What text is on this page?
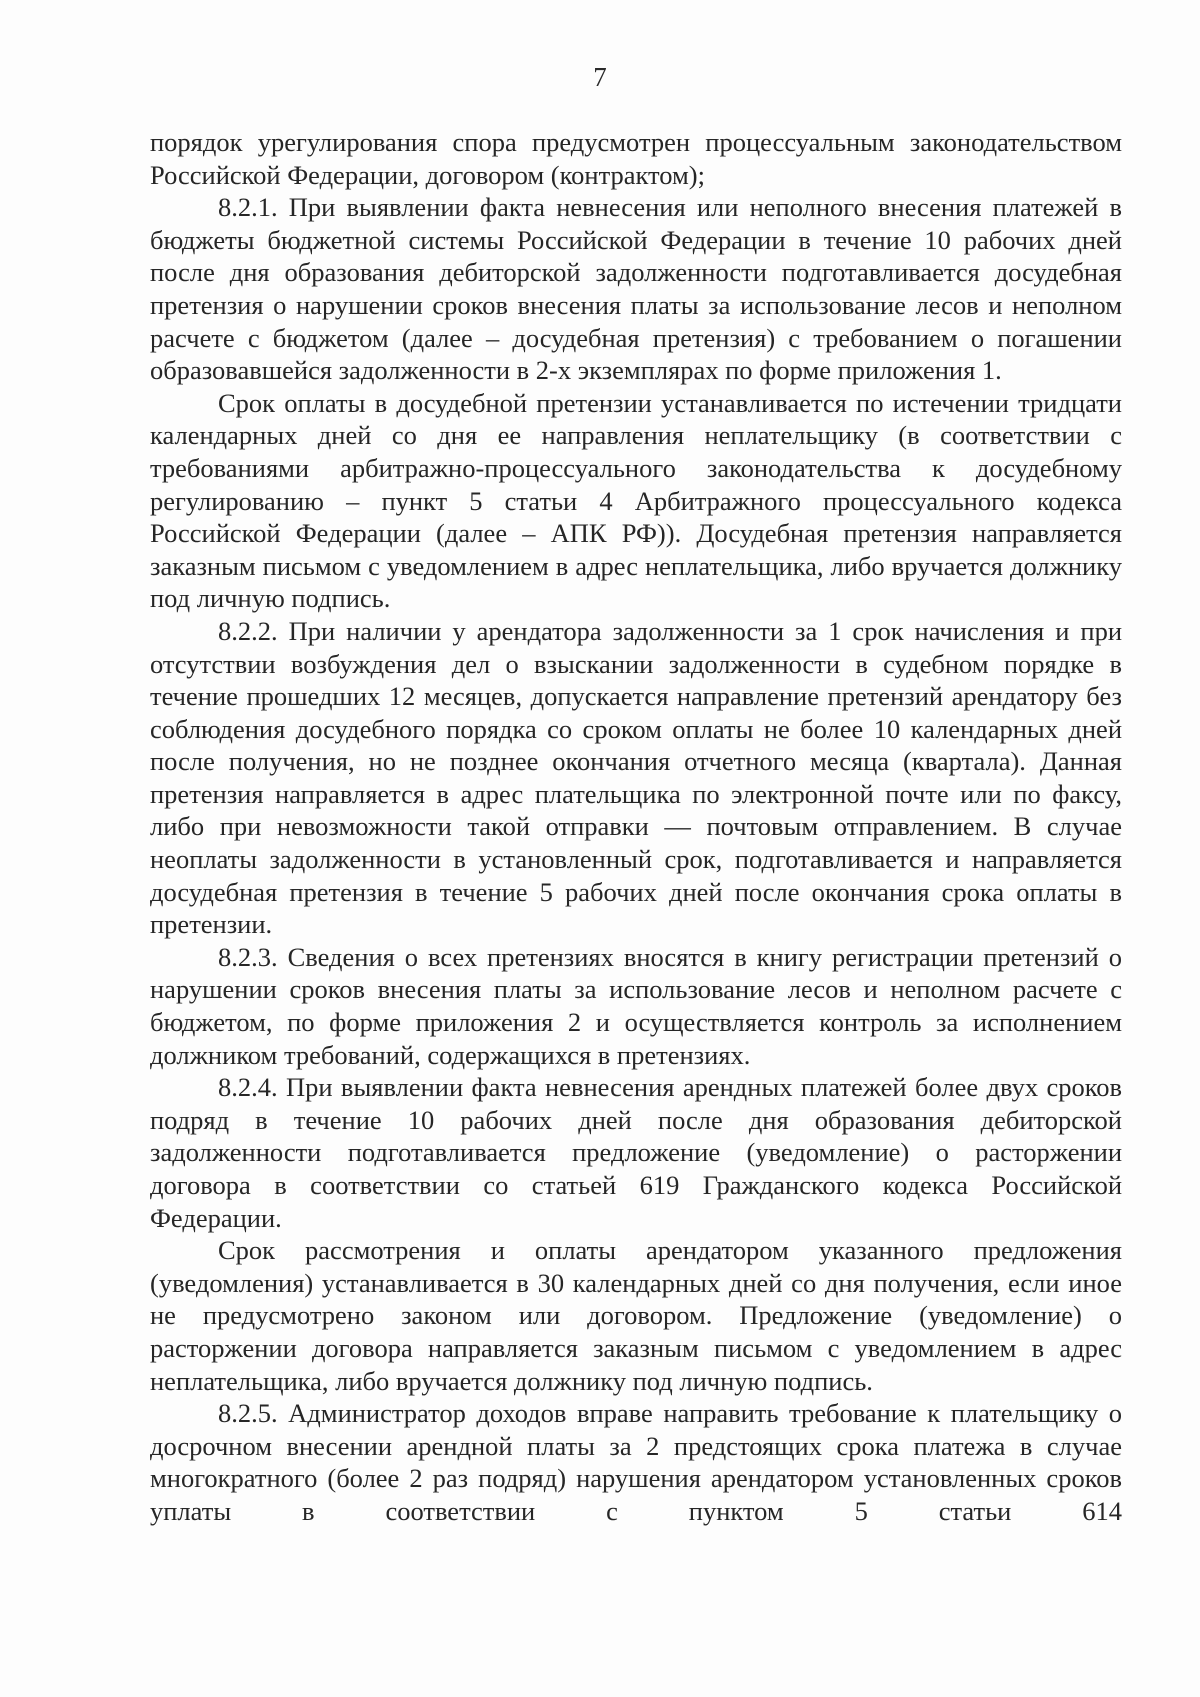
7

порядок урегулирования спора предусмотрен процессуальным законодательством Российской Федерации, договором (контрактом);

8.2.1. При выявлении факта невнесения или неполного внесения платежей в бюджеты бюджетной системы Российской Федерации в течение 10 рабочих дней после дня образования дебиторской задолженности подготавливается досудебная претензия о нарушении сроков внесения платы за использование лесов и неполном расчете с бюджетом (далее – досудебная претензия) с требованием о погашении образовавшейся задолженности в 2-х экземплярах по форме приложения 1.

Срок оплаты в досудебной претензии устанавливается по истечении тридцати календарных дней со дня ее направления неплательщику (в соответствии с требованиями арбитражно-процессуального законодательства к досудебному регулированию – пункт 5 статьи 4 Арбитражного процессуального кодекса Российской Федерации (далее – АПК РФ)). Досудебная претензия направляется заказным письмом с уведомлением в адрес неплательщика, либо вручается должнику под личную подпись.

8.2.2. При наличии у арендатора задолженности за 1 срок начисления и при отсутствии возбуждения дел о взыскании задолженности в судебном порядке в течение прошедших 12 месяцев, допускается направление претензий арендатору без соблюдения досудебного порядка со сроком оплаты не более 10 календарных дней после получения, но не позднее окончания отчетного месяца (квартала). Данная претензия направляется в адрес плательщика по электронной почте или по факсу, либо при невозможности такой отправки — почтовым отправлением. В случае неоплаты задолженности в установленный срок, подготавливается и направляется досудебная претензия в течение 5 рабочих дней после окончания срока оплаты в претензии.

8.2.3. Сведения о всех претензиях вносятся в книгу регистрации претензий о нарушении сроков внесения платы за использование лесов и неполном расчете с бюджетом, по форме приложения 2 и осуществляется контроль за исполнением должником требований, содержащихся в претензиях.

8.2.4. При выявлении факта невнесения арендных платежей более двух сроков подряд в течение 10 рабочих дней после дня образования дебиторской задолженности подготавливается предложение (уведомление) о расторжении договора в соответствии со статьей 619 Гражданского кодекса Российской Федерации.

Срок рассмотрения и оплаты арендатором указанного предложения (уведомления) устанавливается в 30 календарных дней со дня получения, если иное не предусмотрено законом или договором. Предложение (уведомление) о расторжении договора направляется заказным письмом с уведомлением в адрес неплательщика, либо вручается должнику под личную подпись.

8.2.5. Администратор доходов вправе направить требование к плательщику о досрочном внесении арендной платы за 2 предстоящих срока платежа в случае многократного (более 2 раз подряд) нарушения арендатором установленных сроков уплаты в соответствии с пунктом 5 статьи 614
